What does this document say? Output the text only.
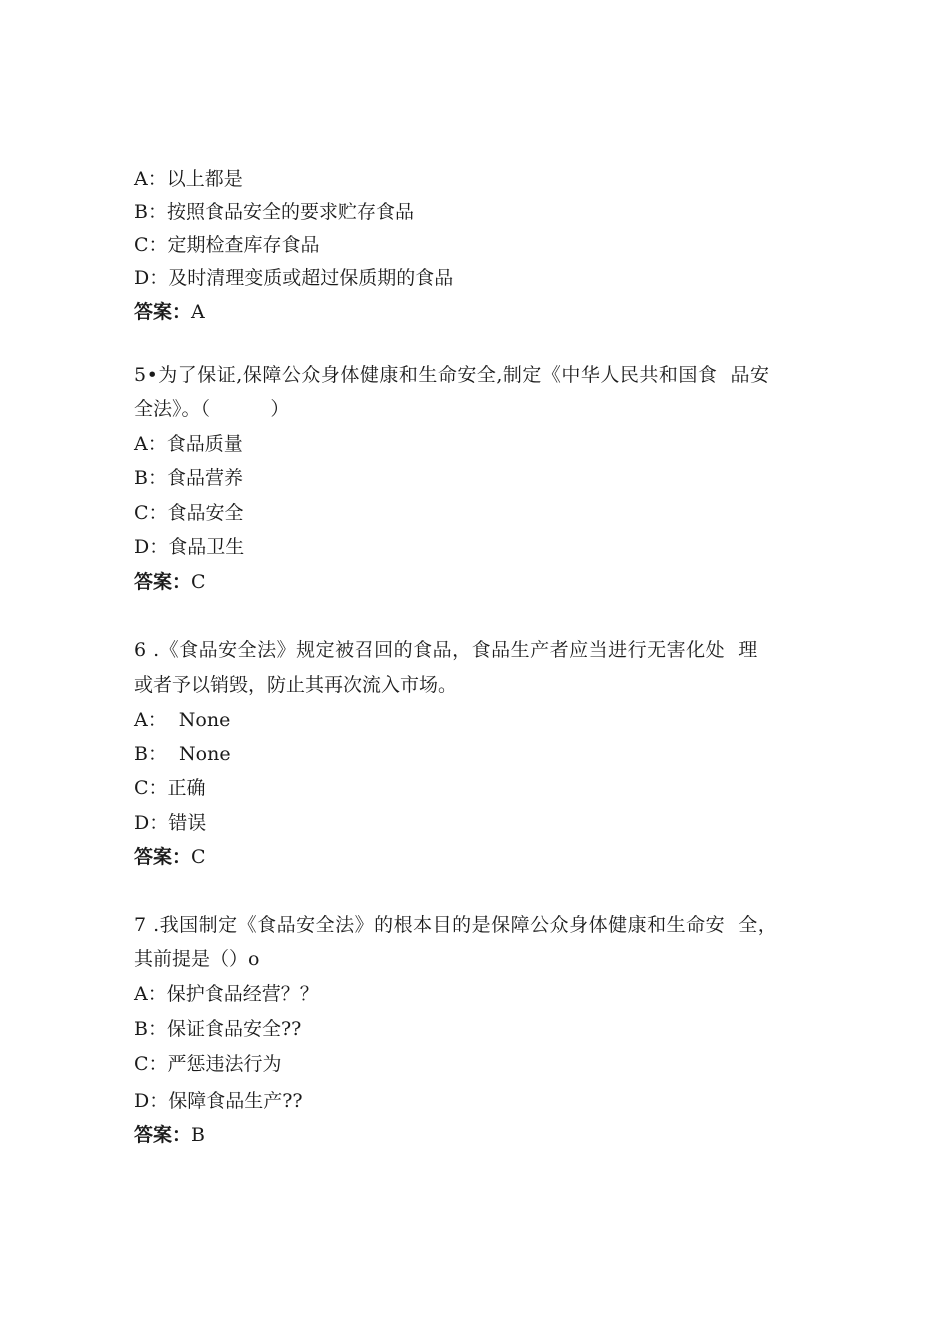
A：以上都是
B：按照食品安全的要求贮存食品
C：定期检查库存食品
D：及时清理变质或超过保质期的食品
答案：A
5•为了保证,保障公众身体健康和生命安全,制定《中华人民共和国食  品安
全法》。（          ）
A：食品质量
B：食品营养
C：食品安全
D：食品卫生
答案：C
6 .《食品安全法》规定被召回的食品，食品生产者应当进行无害化处  理
或者予以销毁，防止其再次流入市场。
A：  None
B：  None
C：正确
D：错误
答案：C
7 .我国制定《食品安全法》的根本目的是保障公众身体健康和生命安  全，
其前提是（）o
A：保护食品经营？？
B：保证食品安全??
C：严惩违法行为
D：保障食品生产??
答案：B
